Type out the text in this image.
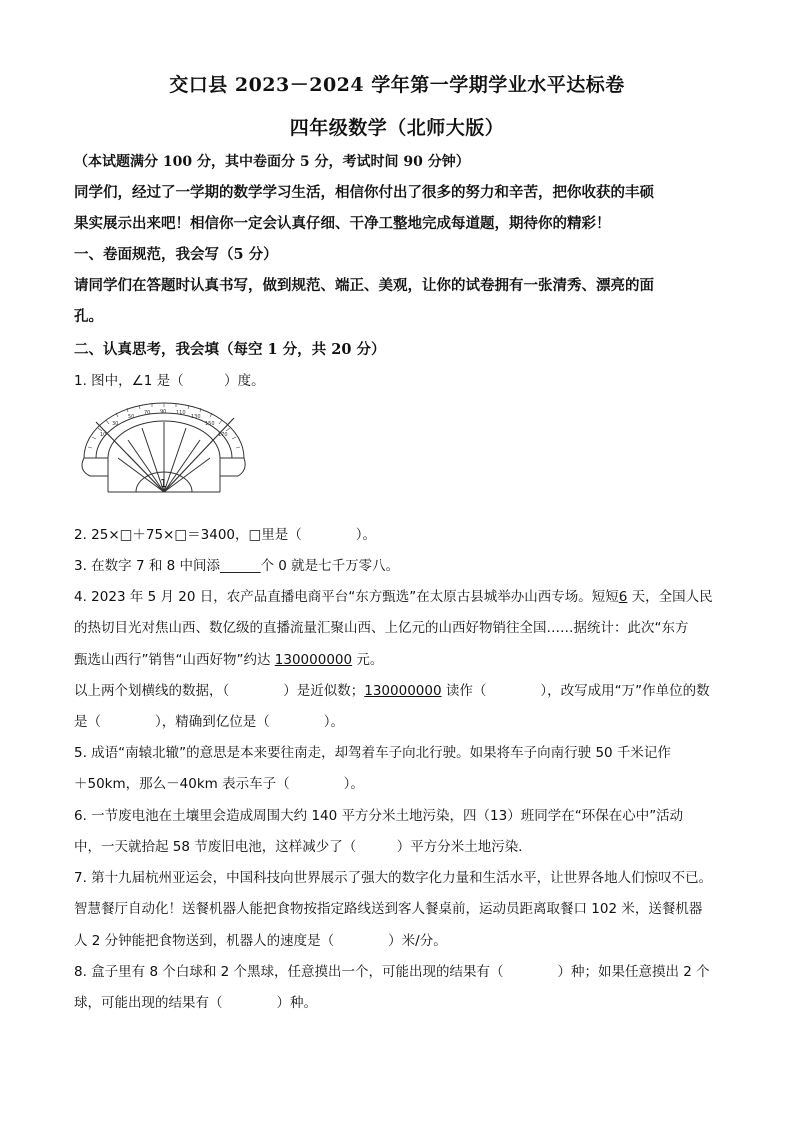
交口县 2023－2024 学年第一学期学业水平达标卷
四年级数学（北师大版）
（本试题满分 100 分，其中卷面分 5 分，考试时间 90 分钟）
同学们，经过了一学期的数学学习生活，相信你付出了很多的努力和辛苦，把你收获的丰硕
果实展示出来吧！相信你一定会认真仔细、干净工整地完成每道题，期待你的精彩！
一、卷面规范，我会写（5 分）
请同学们在答题时认真书写，做到规范、端正、美观，让你的试卷拥有一张清秀、漂亮的面
孔。
二、认真思考，我会填（每空 1 分，共 20 分）
1. 图中，∠1 是（　　　）度。
10
30
50
70 90 110
130
150
170
1
2. 25×□＋75×□＝3400，□里是（　　　　）。
3. 在数字 7 和 8 中间添______个 0 就是七千万零八。
4. 2023 年 5 月 20 日，农产品直播电商平台“东方甄选”在太原古县城举办山西专场。短短6 天，全国人民
的热切目光对焦山西、数亿级的直播流量汇聚山西、上亿元的山西好物销往全国……据统计：此次“东方
甄选山西行”销售“山西好物”约达 130000000 元。
以上两个划横线的数据，（　　　　）是近似数；130000000 读作（　　　　），改写成用“万”作单位的数
是（　　　　），精确到亿位是（　　　　）。
5. 成语“南辕北辙”的意思是本来要往南走，却驾着车子向北行驶。如果将车子向南行驶 50 千米记作
＋50km，那么－40km 表示车子（　　　　）。
6. 一节废电池在土壤里会造成周围大约 140 平方分米土地污染，四（13）班同学在“环保在心中”活动
中，一天就拾起 58 节废旧电池，这样减少了（　　　）平方分米土地污染．
7. 第十九届杭州亚运会，中国科技向世界展示了强大的数字化力量和生活水平，让世界各地人们惊叹不已。
智慧餐厅自动化！送餐机器人能把食物按指定路线送到客人餐桌前，运动员距离取餐口 102 米，送餐机器
人 2 分钟能把食物送到，机器人的速度是（　　　　）米/分。
8. 盒子里有 8 个白球和 2 个黑球，任意摸出一个，可能出现的结果有（　　　　）种；如果任意摸出 2 个
球，可能出现的结果有（　　　　）种。
